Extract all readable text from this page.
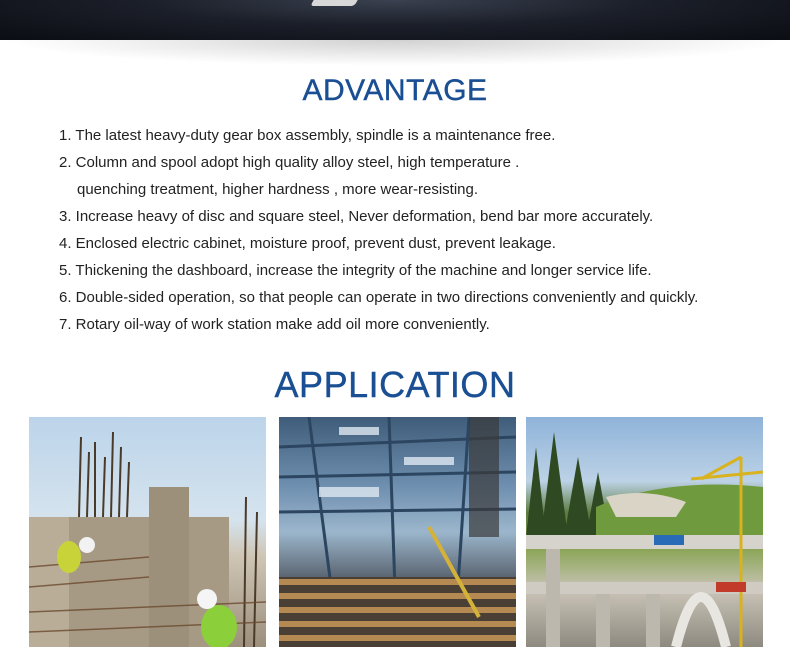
ADVANTAGE
1. The latest heavy-duty gear box assembly, spindle is a maintenance free.
2. Column and spool adopt high quality alloy steel, high temperature .
quenching treatment, higher hardness , more wear-resisting.
3. Increase heavy of disc and square steel, Never deformation, bend bar more accurately.
4. Enclosed electric cabinet, moisture proof, prevent dust, prevent leakage.
5. Thickening the dashboard, increase the integrity of the machine and longer service life.
6. Double-sided operation, so that people can operate in two directions conveniently and quickly.
7. Rotary oil-way of work station make add oil more conveniently.
APPLICATION
